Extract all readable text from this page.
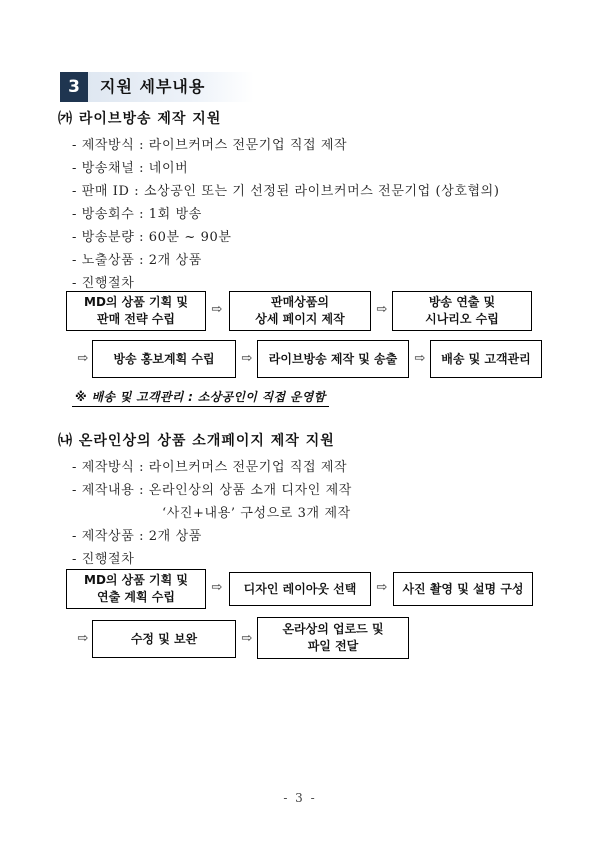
3	지원 세부내용
㈎ 라이브방송 제작 지원
- 제작방식 : 라이브커머스 전문기업 직접 제작
- 방송채널 : 네이버
- 판매 ID : 소상공인 또는 기 선정된 라이브커머스 전문기업 (상호협의)
- 방송회수 : 1회 방송
- 방송분량 : 60분 ~ 90분
- 노출상품 : 2개 상품
- 진행절차
MD의 상품 기획 및
판매 전략 수립
⇨	판매상품의
상세 페이지 제작
⇨	방송 연출 및
시나리오 수립
⇨	방송 홍보계획 수립	⇨	라이브방송 제작 및 송출	⇨	배송 및 고객관리
※ 배송 및 고객관리 : 소상공인이 직접 운영함
㈏ 온라인상의 상품 소개페이지 제작 지원
- 제작방식 : 라이브커머스 전문기업 직접 제작
- 제작내용 : 온라인상의 상품 소개 디자인 제작
‘사진+내용’ 구성으로 3개 제작
- 제작상품 : 2개 상품
- 진행절차
MD의 상품 기획 및
연출 계획 수립
⇨	디자인 레이아웃 선택	⇨	사진 촬영 및 설명 구성
⇨	수정 및 보완	⇨
온라상의 업로드 및
파일 전달
- 3 -
